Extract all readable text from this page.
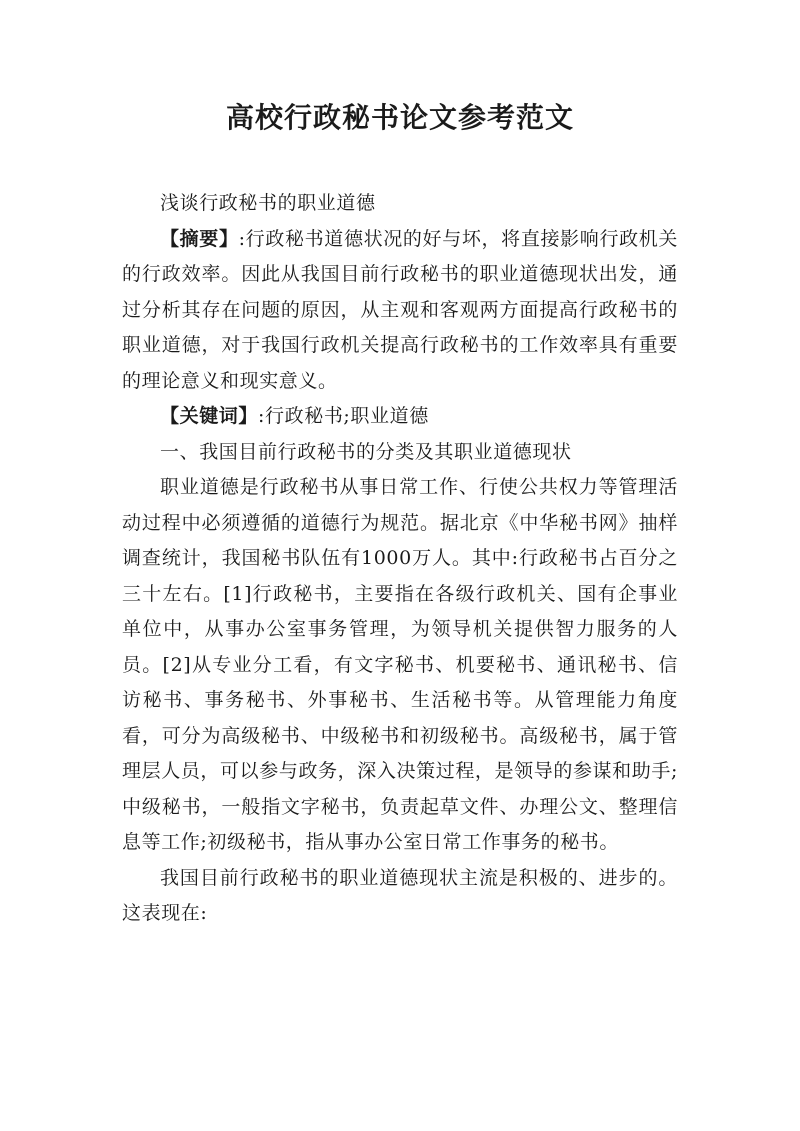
高校行政秘书论文参考范文

浅谈行政秘书的职业道德

【摘要】:行政秘书道德状况的好与坏，将直接影响行政机关的行政效率。因此从我国目前行政秘书的职业道德现状出发，通过分析其存在问题的原因，从主观和客观两方面提高行政秘书的职业道德，对于我国行政机关提高行政秘书的工作效率具有重要的理论意义和现实意义。

【关键词】:行政秘书;职业道德

一、我国目前行政秘书的分类及其职业道德现状

职业道德是行政秘书从事日常工作、行使公共权力等管理活动过程中必须遵循的道德行为规范。据北京《中华秘书网》抽样调查统计，我国秘书队伍有1000万人。其中:行政秘书占百分之三十左右。[1]行政秘书，主要指在各级行政机关、国有企事业单位中，从事办公室事务管理，为领导机关提供智力服务的人员。[2]从专业分工看，有文字秘书、机要秘书、通讯秘书、信访秘书、事务秘书、外事秘书、生活秘书等。从管理能力角度看，可分为高级秘书、中级秘书和初级秘书。高级秘书，属于管理层人员，可以参与政务，深入决策过程，是领导的参谋和助手;中级秘书，一般指文字秘书，负责起草文件、办理公文、整理信息等工作;初级秘书，指从事办公室日常工作事务的秘书。

我国目前行政秘书的职业道德现状主流是积极的、进步的。这表现在:
